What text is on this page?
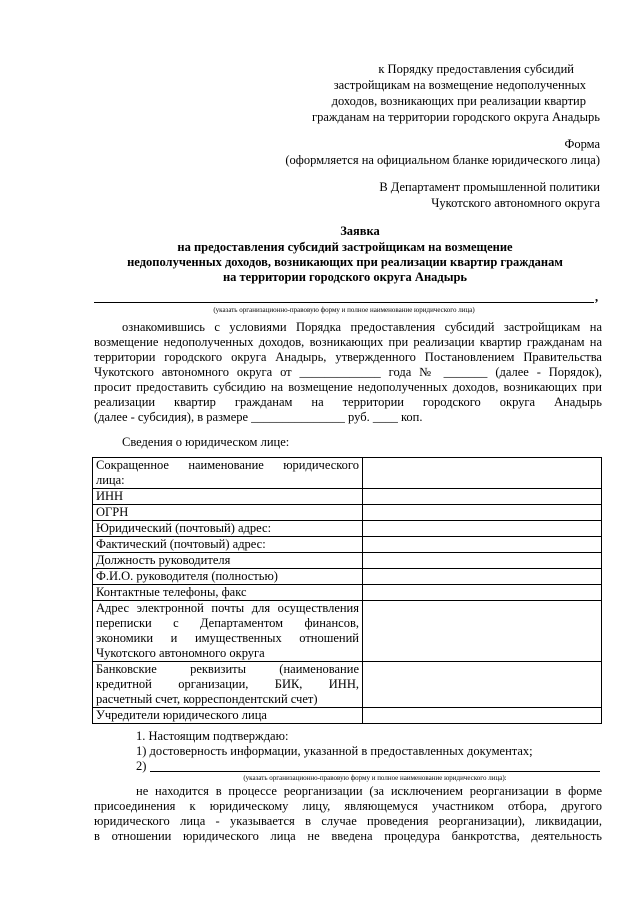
к Порядку предоставления субсидий
застройщикам на возмещение недополученных
доходов, возникающих при реализации квартир
гражданам на территории городского округа Анадырь
Форма
(оформляется на официальном бланке юридического лица)
В Департамент промышленной политики
Чукотского автономного округа
Заявка
на предоставления субсидий застройщикам на возмещение
недополученных доходов, возникающих при реализации квартир гражданам
на территории городского округа Анадырь
,
(указать организационно-правовую форму и полное наименование юридического лица)
ознакомившись с условиями Порядка предоставления субсидий застройщикам на
возмещение недополученных доходов, возникающих при реализации квартир гражданам на
территории городского округа Анадырь, утвержденного Постановлением Правительства
Чукотского автономного округа от _____________ года № _______ (далее - Порядок),
просит предоставить субсидию на возмещение недополученных доходов, возникающих при
реализации квартир гражданам на территории городского округа Анадырь
(далее - субсидия), в размере _______________ руб. ____ коп.
Сведения о юридическом лице:
Сокращенное наименование юридического
лица:	

ИНН	

ОГРН	

Юридический (почтовый) адрес:	

Фактический (почтовый) адрес:	

Должность руководителя	

Ф.И.О. руководителя (полностью)	

Контактные телефоны, факс	

Адрес электронной почты для осуществления
переписки с Департаментом финансов,
экономики и имущественных отношений
Чукотского автономного округа	

Банковские реквизиты (наименование
кредитной организации, БИК, ИНН,
расчетный счет, корреспондентский счет)	

Учредители юридического лица	

1. Настоящим подтверждаю:
1) достоверность информации, указанной в предоставленных документах;
2)
(указать организационно-правовую форму и полное наименование юридического лица):
не находится в процессе реорганизации (за исключением реорганизации в форме
присоединения к юридическому лицу, являющемуся участником отбора, другого
юридического лица - указывается в случае проведения реорганизации), ликвидации,
в отношении юридического лица не введена процедура банкротства, деятельность
